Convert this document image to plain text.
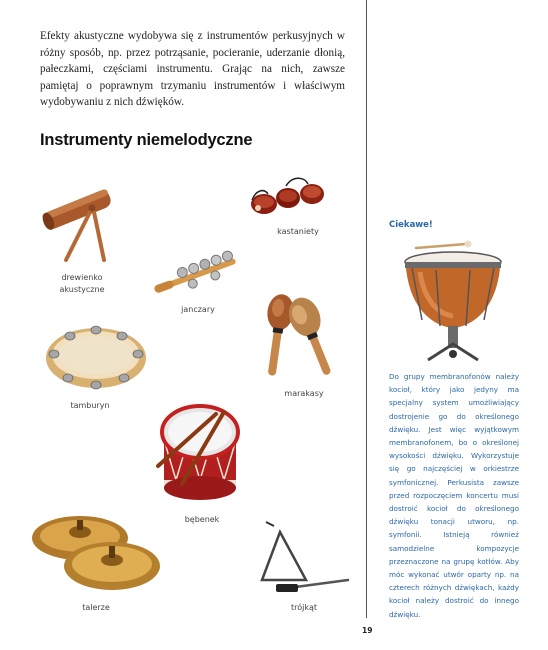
Efekty akustyczne wydobywa się z instrumentów perkusyjnych w różny sposób, np. przez potrząsanie, pocieranie, uderzanie dłonią, pałeczkami, częściami instrumentu. Grając na nich, zawsze pamiętaj o poprawnym trzymaniu instrumentów i właściwym wydobywaniu z nich dźwięków.
Instrumenty niemelodyczne
drewienko
akustyczne
kastaniety
janczary
tamburyn
marakasy
bębenek
talerze	trójkąt
Ciekawe!
Do grupy membranofonów należy kocioł, który jako jedyny ma specjalny system umożliwiający dostrojenie go do określonego dźwięku. Jest więc wyjątkowym membranofonem, bo o określonej wysokości dźwięku. Wykorzystuje się go najczęściej w orkiestrze symfonicznej. Perkusista zawsze przed rozpoczęciem koncertu musi dostroić kocioł do określonego dźwięku tonacji utworu, np. symfonii. Istnieją również samodzielne kompozycje przeznaczone na grupę kotłów. Aby móc wykonać utwór oparty np. na czterech różnych dźwiękach, każdy kocioł należy dostroić do innego dźwięku.
19
